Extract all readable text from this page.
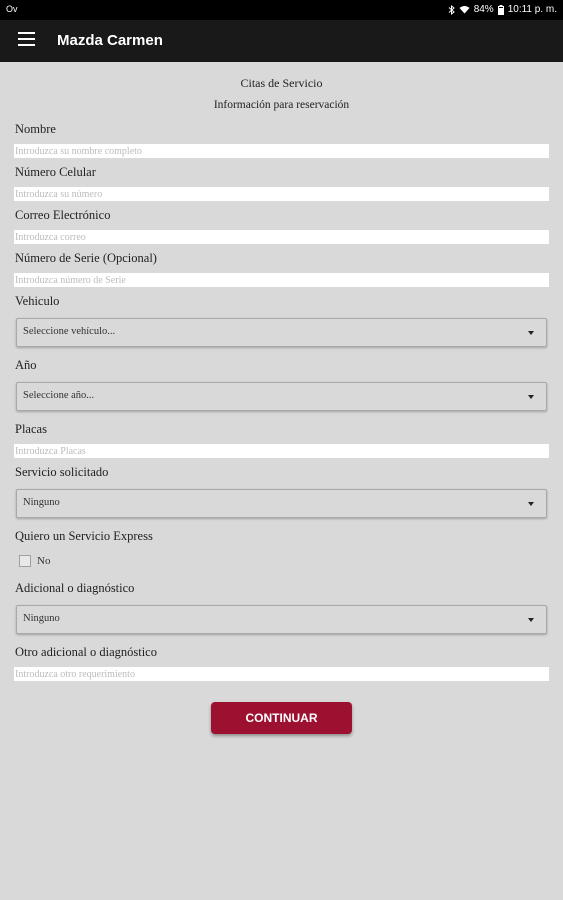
Ov	84% 10:11 p. m.
Mazda Carmen
Citas de Servicio
Información para reservación
Nombre
Introduzca su nombre completo
Número Celular
Introduzca su número
Correo Electrónico
Introduzca correo
Número de Serie (Opcional)
Introduzca número de Serie
Vehiculo
Seleccione vehículo...
Año
Seleccione año...
Placas
Introduzca Placas
Servicio solicitado
Ninguno
Quiero un Servicio Express
No
Adicional o diagnóstico
Ninguno
Otro adicional o diagnóstico
Introduzca otro requerimiento
CONTINUAR
